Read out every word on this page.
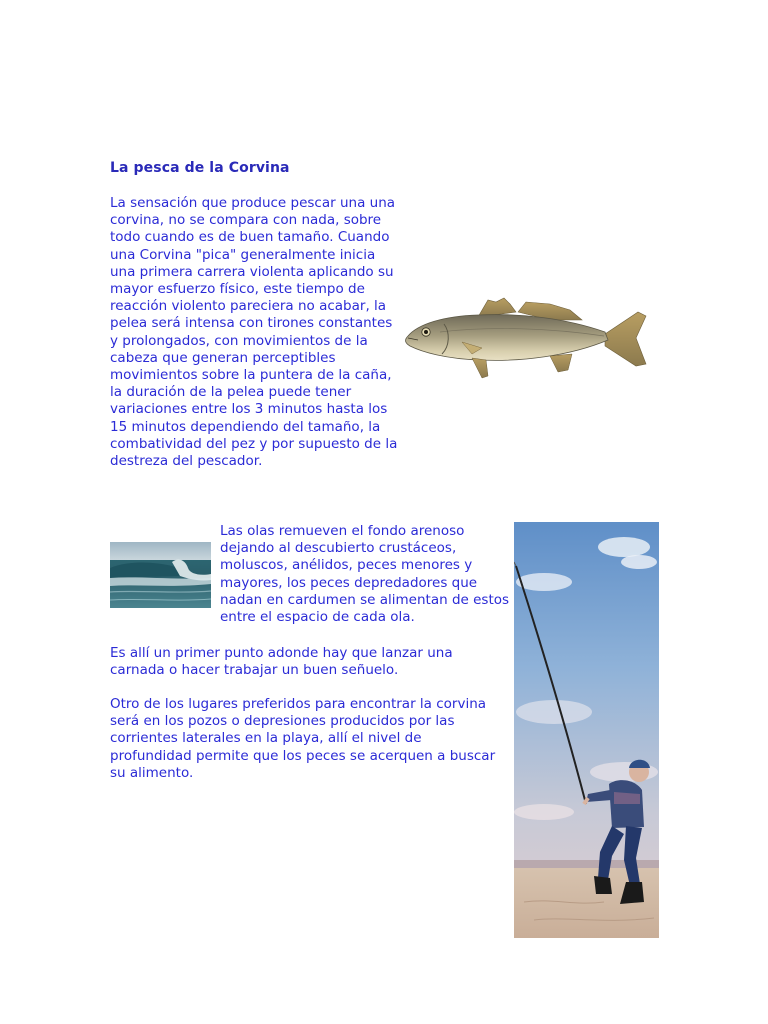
La pesca de la Corvina

La sensación que produce pescar una una corvina, no se compara con nada, sobre todo cuando es de buen tamaño. Cuando una Corvina "pica" generalmente inicia una primera carrera violenta aplicando su mayor esfuerzo físico, este tiempo de reacción violento pareciera no acabar, la pelea será intensa con tirones constantes y prolongados, con movimientos de la cabeza que generan perceptibles movimientos sobre la puntera de la caña, la duración de la pelea puede tener variaciones entre los 3 minutos hasta los 15 minutos dependiendo del tamaño, la combatividad del pez y por supuesto de la destreza del pescador.

Las olas remueven el fondo arenoso dejando al descubierto crustáceos, moluscos, anélidos, peces menores y mayores, los peces depredadores que nadan en cardumen se alimentan de estos entre el espacio de cada ola.

Es allí un primer punto adonde hay que lanzar una carnada o hacer trabajar un buen señuelo.

Otro de los lugares preferidos para encontrar la corvina será en los pozos o depresiones producidos por las corrientes laterales en la playa, allí el nivel de profundidad permite que los peces se acerquen a buscar su alimento.
